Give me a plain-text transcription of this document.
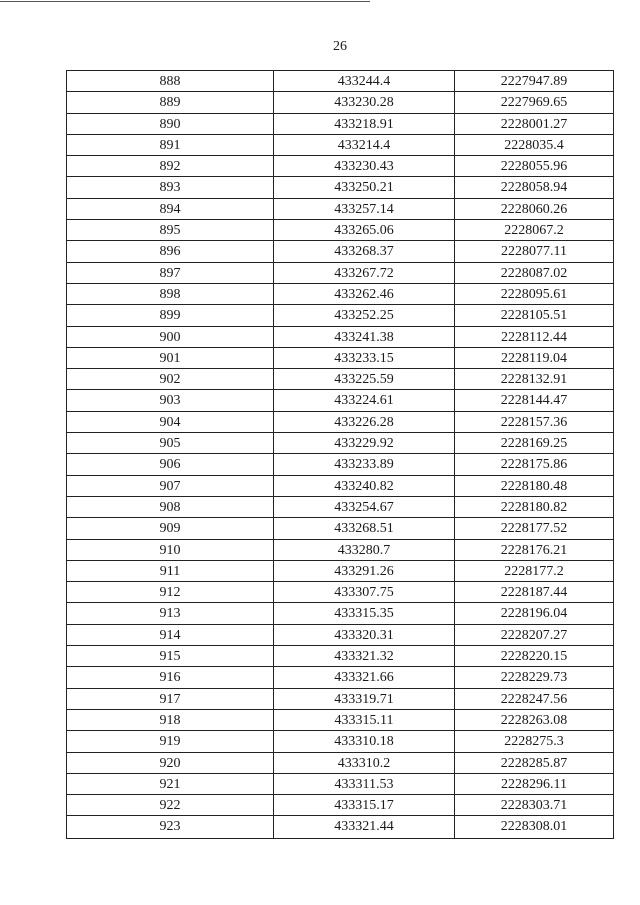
26
888	433244.4	2227947.89
889	433230.28	2227969.65
890	433218.91	2228001.27
891	433214.4	2228035.4
892	433230.43	2228055.96
893	433250.21	2228058.94
894	433257.14	2228060.26
895	433265.06	2228067.2
896	433268.37	2228077.11
897	433267.72	2228087.02
898	433262.46	2228095.61
899	433252.25	2228105.51
900	433241.38	2228112.44
901	433233.15	2228119.04
902	433225.59	2228132.91
903	433224.61	2228144.47
904	433226.28	2228157.36
905	433229.92	2228169.25
906	433233.89	2228175.86
907	433240.82	2228180.48
908	433254.67	2228180.82
909	433268.51	2228177.52
910	433280.7	2228176.21
911	433291.26	2228177.2
912	433307.75	2228187.44
913	433315.35	2228196.04
914	433320.31	2228207.27
915	433321.32	2228220.15
916	433321.66	2228229.73
917	433319.71	2228247.56
918	433315.11	2228263.08
919	433310.18	2228275.3
920	433310.2	2228285.87
921	433311.53	2228296.11
922	433315.17	2228303.71
923	433321.44	2228308.01
